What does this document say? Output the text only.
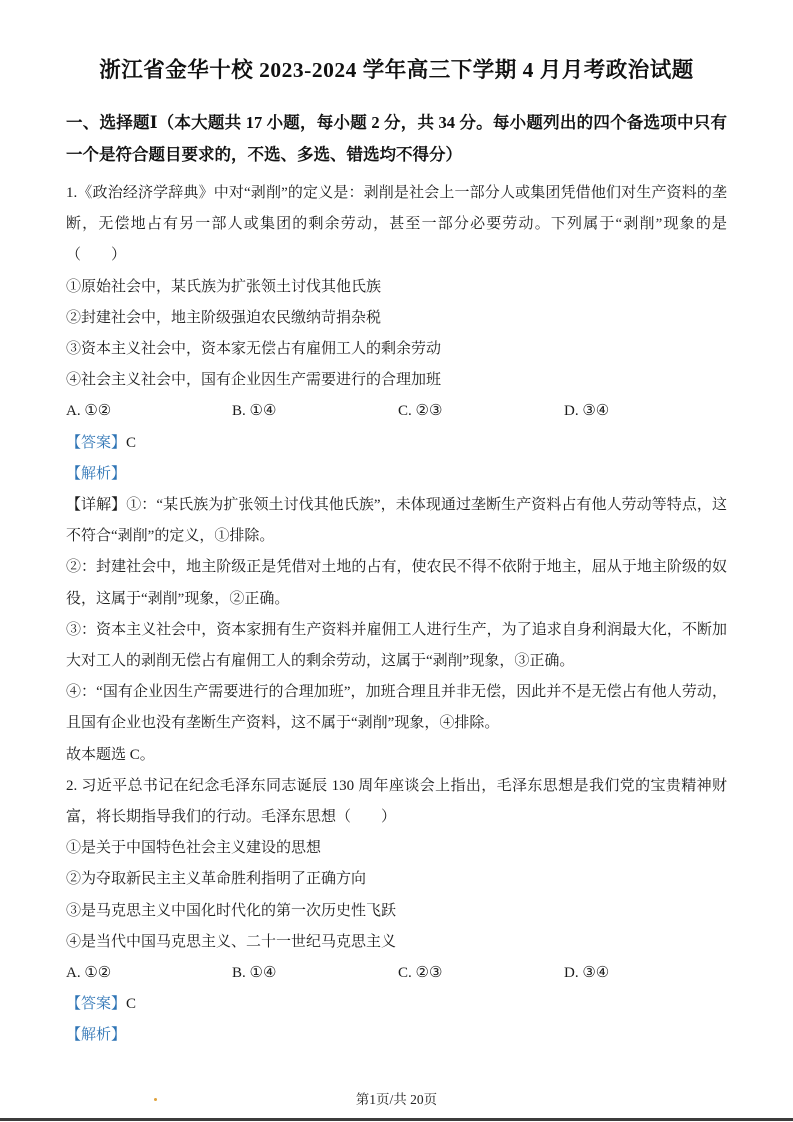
浙江省金华十校 2023-2024 学年高三下学期 4 月月考政治试题
一、选择题Ⅰ（本大题共 17 小题，每小题 2 分，共 34 分。每小题列出的四个备选项中只有一个是符合题目要求的，不选、多选、错选均不得分）

1.《政治经济学辞典》中对“剥削”的定义是：剥削是社会上一部分人或集团凭借他们对生产资料的垄断，无偿地占有另一部人或集团的剩余劳动，甚至一部分必要劳动。下列属于“剥削”现象的是（　　）

①原始社会中，某氏族为扩张领土讨伐其他氏族

②封建社会中，地主阶级强迫农民缴纳苛捐杂税

③资本主义社会中，资本家无偿占有雇佣工人的剩余劳动

④社会主义社会中，国有企业因生产需要进行的合理加班

A. ①②	B. ①④	C. ②③	D. ③④

【答案】C

【解析】

【详解】①：“某氏族为扩张领土讨伐其他氏族”，未体现通过垄断生产资料占有他人劳动等特点，这不符合“剥削”的定义，①排除。

②：封建社会中，地主阶级正是凭借对土地的占有，使农民不得不依附于地主，屈从于地主阶级的奴役，这属于“剥削”现象，②正确。

③：资本主义社会中，资本家拥有生产资料并雇佣工人进行生产，为了追求自身利润最大化，不断加大对工人的剥削无偿占有雇佣工人的剩余劳动，这属于“剥削”现象，③正确。

④：“国有企业因生产需要进行的合理加班”，加班合理且并非无偿，因此并不是无偿占有他人劳动，且国有企业也没有垄断生产资料，这不属于“剥削”现象，④排除。

故本题选 C。

2. 习近平总书记在纪念毛泽东同志诞辰 130 周年座谈会上指出，毛泽东思想是我们党的宝贵精神财富，将长期指导我们的行动。毛泽东思想（　　）

①是关于中国特色社会主义建设的思想

②为夺取新民主主义革命胜利指明了正确方向

③是马克思主义中国化时代化的第一次历史性飞跃

④是当代中国马克思主义、二十一世纪马克思主义

A. ①②	B. ①④	C. ②③	D. ③④

【答案】C

【解析】

第1页/共 20页
